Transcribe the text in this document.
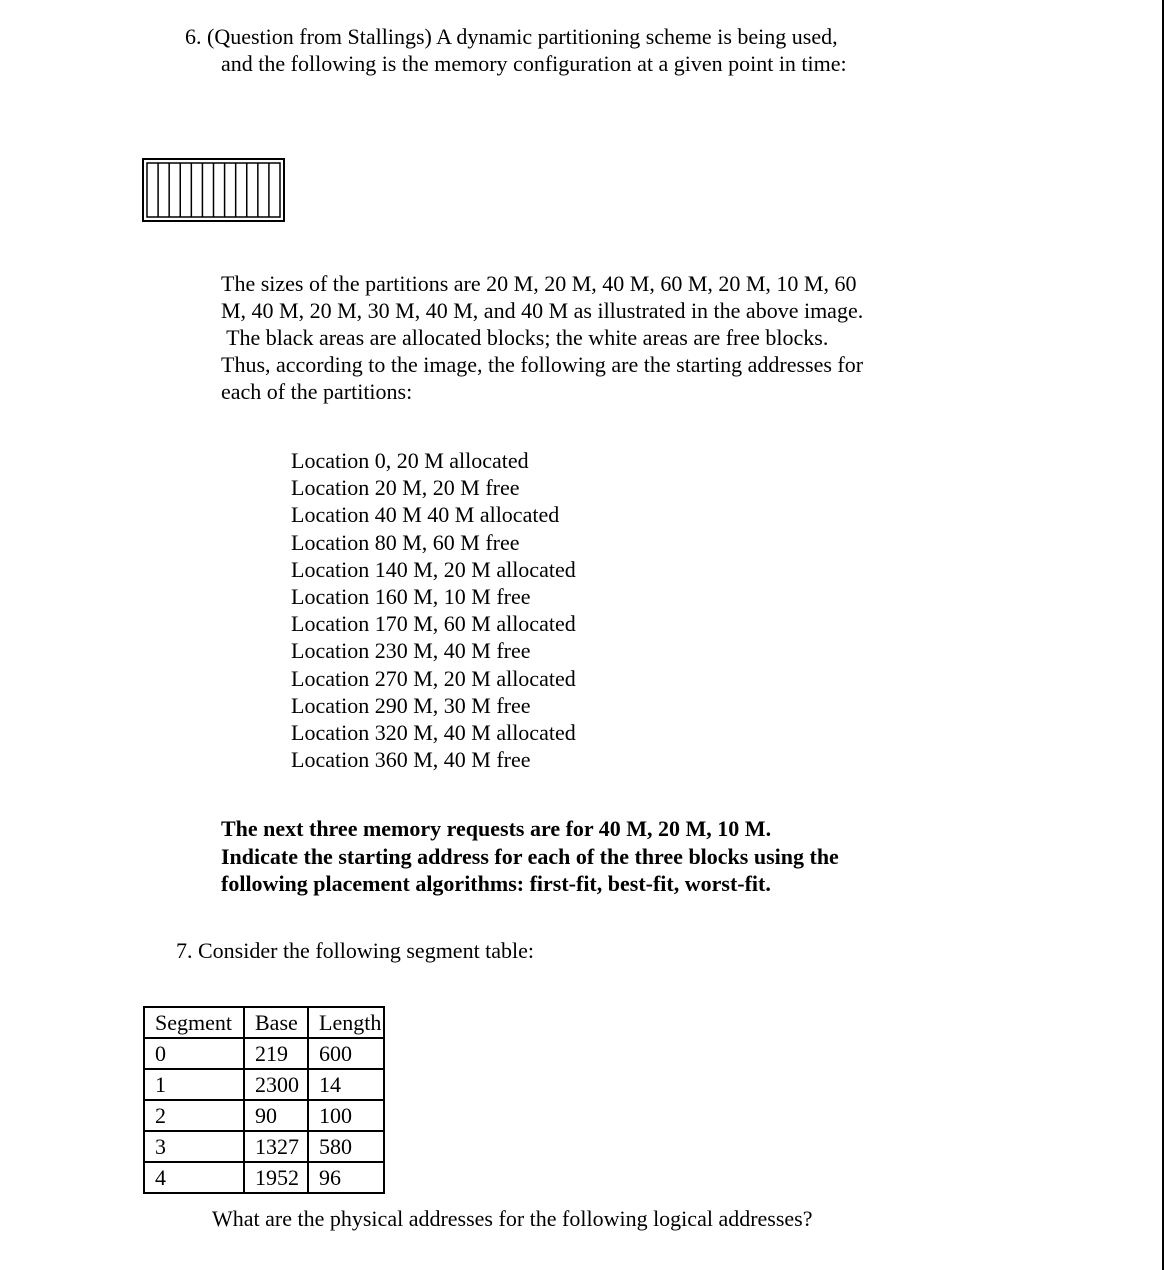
6. (Question from Stallings) A dynamic partitioning scheme is being used,
and the following is the memory configuration at a given point in time:
The sizes of the partitions are 20 M, 20 M, 40 M, 60 M, 20 M, 10 M, 60
M, 40 M, 20 M, 30 M, 40 M, and 40 M as illustrated in the above image.
The black areas are allocated blocks; the white areas are free blocks.
Thus, according to the image, the following are the starting addresses for
each of the partitions:
Location 0, 20 M allocated
Location 20 M, 20 M free
Location 40 M 40 M allocated
Location 80 M, 60 M free
Location 140 M, 20 M allocated
Location 160 M, 10 M free
Location 170 M, 60 M allocated
Location 230 M, 40 M free
Location 270 M, 20 M allocated
Location 290 M, 30 M free
Location 320 M, 40 M allocated
Location 360 M, 40 M free
The next three memory requests are for 40 M, 20 M, 10 M.
Indicate the starting address for each of the three blocks using the
following placement algorithms: first-fit, best-fit, worst-fit.
7. Consider the following segment table:
Segment	Base	Length
0	219	600
1	2300	14
2	90	100
3	1327	580
4	1952	96
What are the physical addresses for the following logical addresses?
